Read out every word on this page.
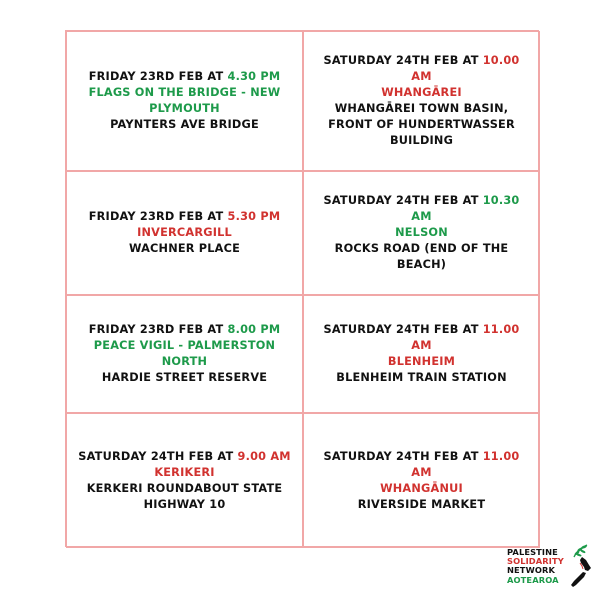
FRIDAY 23RD FEB AT 4.30 PM
FLAGS ON THE BRIDGE - NEW PLYMOUTH
PAYNTERS AVE BRIDGE
SATURDAY 24TH FEB AT 10.00 AM
WHANGĀREI
WHANGĀREI TOWN BASIN, FRONT OF HUNDERTWASSER BUILDING
FRIDAY 23RD FEB AT 5.30 PM
INVERCARGILL
WACHNER PLACE
SATURDAY 24TH FEB AT 10.30 AM
NELSON
ROCKS ROAD (END OF THE BEACH)
FRIDAY 23RD FEB AT 8.00 PM
PEACE VIGIL - PALMERSTON NORTH
HARDIE STREET RESERVE
SATURDAY 24TH FEB AT 11.00 AM
BLENHEIM
BLENHEIM TRAIN STATION
SATURDAY 24TH FEB AT 9.00 AM
KERIKERI
KERKERI ROUNDABOUT STATE HIGHWAY 10
SATURDAY 24TH FEB AT 11.00 AM
WHANGĀNUI
RIVERSIDE MARKET
PALESTINE
SOLIDARITY
NETWORK
AOTEAROA
